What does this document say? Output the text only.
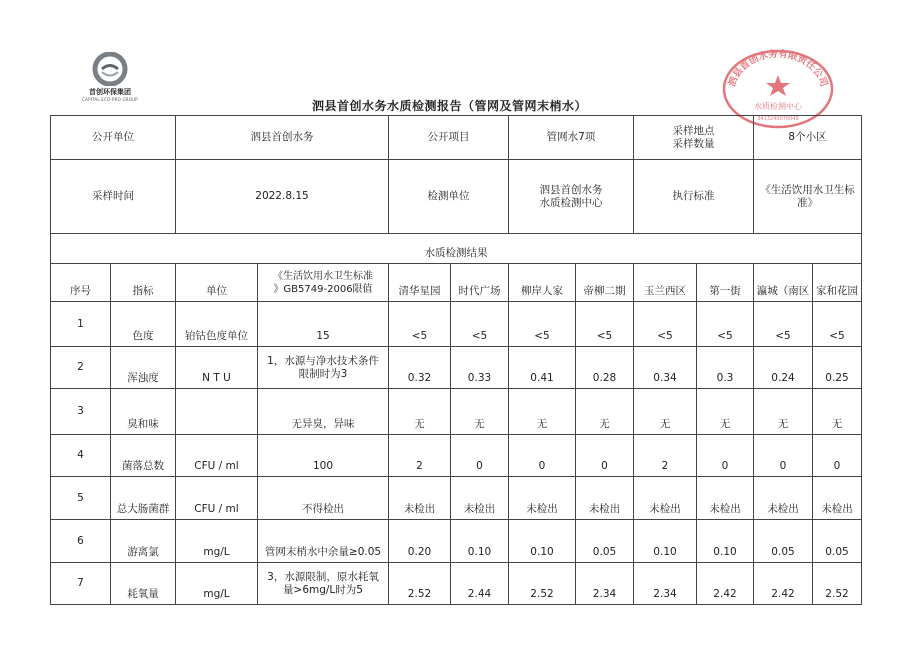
首创环保集团
CAPITAL ECO-PRO GROUP
泗县首创水务有限责任公司
水质检测中心
3413240070049
泗县首创水务水质检测报告（管网及管网末梢水）
公开单位		泗县首创水务		公开项目		管网水7项		采样地点
采样数量		8个小区	
采样时间		2022.8.15		检测单位		泗县首创水务
水质检测中心		执行标准		《生活饮用水卫生标准》	
水质检测结果											
序号	指标	单位	《生活饮用水卫生标准
》GB5749-2006限值	清华星园	时代广场	柳岸人家	帝柳二期	玉兰西区	第一街	瀛城（南区	家和花园
1	色度	铂钴色度单位	15	<5	<5	<5	<5	<5	<5	<5	<5
2	浑浊度	N T U	1，水源与净水技术条件
限制时为3	0.32	0.33	0.41	0.28	0.34	0.3	0.24	0.25
3	臭和味		无异臭，异味	无	无	无	无	无	无	无	无
4	菌落总数	CFU / ml	100	2	0	0	0	2	0	0	0
5	总大肠菌群	CFU / ml	不得检出	未检出	未检出	未检出	未检出	未检出	未检出	未检出	未检出
6	游离氯	mg/L	管网末梢水中余量≥0.05	0.20	0.10	0.10	0.05	0.10	0.10	0.05	0.05
7	耗氧量	mg/L	3，水源限制，原水耗氧
量>6mg/L时为5	2.52	2.44	2.52	2.34	2.34	2.42	2.42	2.52
